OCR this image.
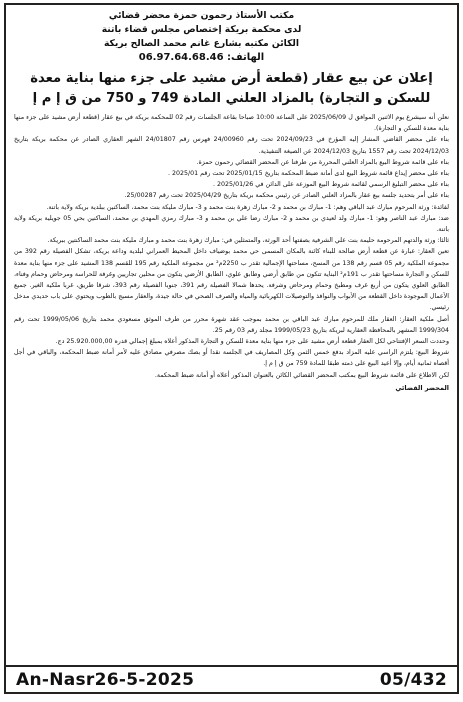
مكتب الأستاذ رحمون حمزة محضر قضائي
لدى محكمة بريكة إختصاص مجلس قضاء باتنة
الكائن مكتبه بشارع غانم محمد الصالح بريكة
الهاتف: 06.97.64.68.46
إعلان عن بيع عقار (قطعة أرض مشيد على جزء منها بناية معدة
للسكن و التجارة) بالمزاد العلني المادة 749 و 750 من ق إ م إ

نعلن أنه سيشرع يوم الاثنين الموافق ل 2025/06/09 على الساعة 10:00 صباحا بقاعة الجلسات رقم 02 للمحكمة بريكة في بيع عقار (قطعة أرض مشيد على جزء منها بناية معدة للسكن و التجارة).

بناء على محضر القاضي المشار إليه المؤرخ في 2024/09/23 تحت رقم 24/00960 فهرس رقم 24/01807 الشهر العقاري الصادر عن محكمة بريكة بتاريخ 2024/12/03 تحت رقم 1557 بتاريخ 2024/12/03 عن الصيغة التنفيذية.

بناء على قائمة شروط البيع بالمزاد العلني المحررة من طرفنا عن المحضر القضائي رحمون حمزة.

بناء على محضر إيداع قائمة شروط البيع لدى أمانة ضبط المحكمة بتاريخ 2025/01/15 تحت رقم 2025/01 .

بناء على محضر التبليغ الرسمي لقائمة شروط البيع الموزعة على الدائن في 2025/01/26 .

بناء على أمر بتحديد جلسة بيع عقار بالمزاد العلني الصادر عن رئيس محكمة بريكة بتاريخ 2025/04/29 تحت رقم 25/00287.

لفائدة: ورثة المرحوم مبارك عبد الباقي وهم: 1- مبارك بن محمد و 2- مبارك زهرة بنت محمد و 3- مبارك مليكة بنت محمد، الساكنين ببلدية بريكة ولاية باتنة.

ضد: مبارك عبد الناصر وهو: 1- مبارك ولد لعيدي بن محمد و 2- مبارك رضا علي بن محمد و 3- مبارك رمزي المهدي بن محمد، الساكنين بحي 05 جويلية بريكة ولاية باتنة.

ثالثا: ورثة والدتهم المرحومة حليمة بنت علي الشرفية بصفتها أحد الورثة، والمتمثلين في: مبارك زهرة بنت محمد و مبارك مليكة بنت محمد الساكنتين ببريكة.

تعين العقار: عبارة عن قطعة أرض صالحة للبناء كائنة بالمكان المسمى حي محمد بوضياف داخل المحيط العمراني لبلدية وداعة بريكة، تشكل الفصيلة رقم 392 من مجموعة الملكية رقم 05 قسم رقم 138 من المسح، مساحتها الإجمالية تقدر ب 2250م² من مجموعة الملكية رقم 195 للقسم 138 المشيد على جزء منها بناية معدة للسكن و التجارة مساحتها تقدر ب 191م² البناية تتكون من طابق أرضي وطابق علوي، الطابق الأرضي يتكون من محلين تجاريين وغرفة للحراسة ومرحاض وحمام وفناء، الطابق العلوي يتكون من أربع غرف ومطبخ وحمام ومرحاض وشرفة. يحدها شمالا الفصيلة رقم 391، جنوبا الفصيلة رقم 393، شرقا طريق، غربا ملكية الغير. جميع الأعمال الموجودة داخل القطعة من الأبواب والنوافذ والتوصيلات الكهربائية والمياه والصرف الصحي في حالة جيدة، والعقار مسيج بالطوب ويحتوي على باب حديدي مدخل رئيسي.

أصل ملكية العقار: العقار ملك للمرحوم مبارك عبد الباقي بن محمد بموجب عقد شهرة محرر من طرف الموثق مسعودي محمد بتاريخ 1999/05/06 تحت رقم 1999/304 المشهر بالمحافظة العقارية لبريكة بتاريخ 1999/05/23 مجلد رقم 03 رقم 25.

وحددت السعر الإفتتاحي لكل العقار قطعة أرض مشيد على جزء منها بناية معدة للسكن و التجارة المذكور أعلاه بمبلغ إجمالي قدره 25.920.000,00 دج.

شروط البيع: يلتزم الراسي عليه المزاد بدفع خمس الثمن وكل المصاريف في الجلسة نقدا أو بصك مصرفي مصادق عليه لأمر أمانة ضبط المحكمة، والباقي في أجل أقصاه ثمانية أيام، وإلا أعيد البيع على ذمته طبقا للمادة 759 من ق إ م إ.

لكن الاطلاع على قائمة شروط البيع بمكتب المحضر القضائي الكائن بالعنوان المذكور أعلاه أو أمانة ضبط المحكمة.

المحضر القضائي
An-Nasr26-5-2025	05/432
